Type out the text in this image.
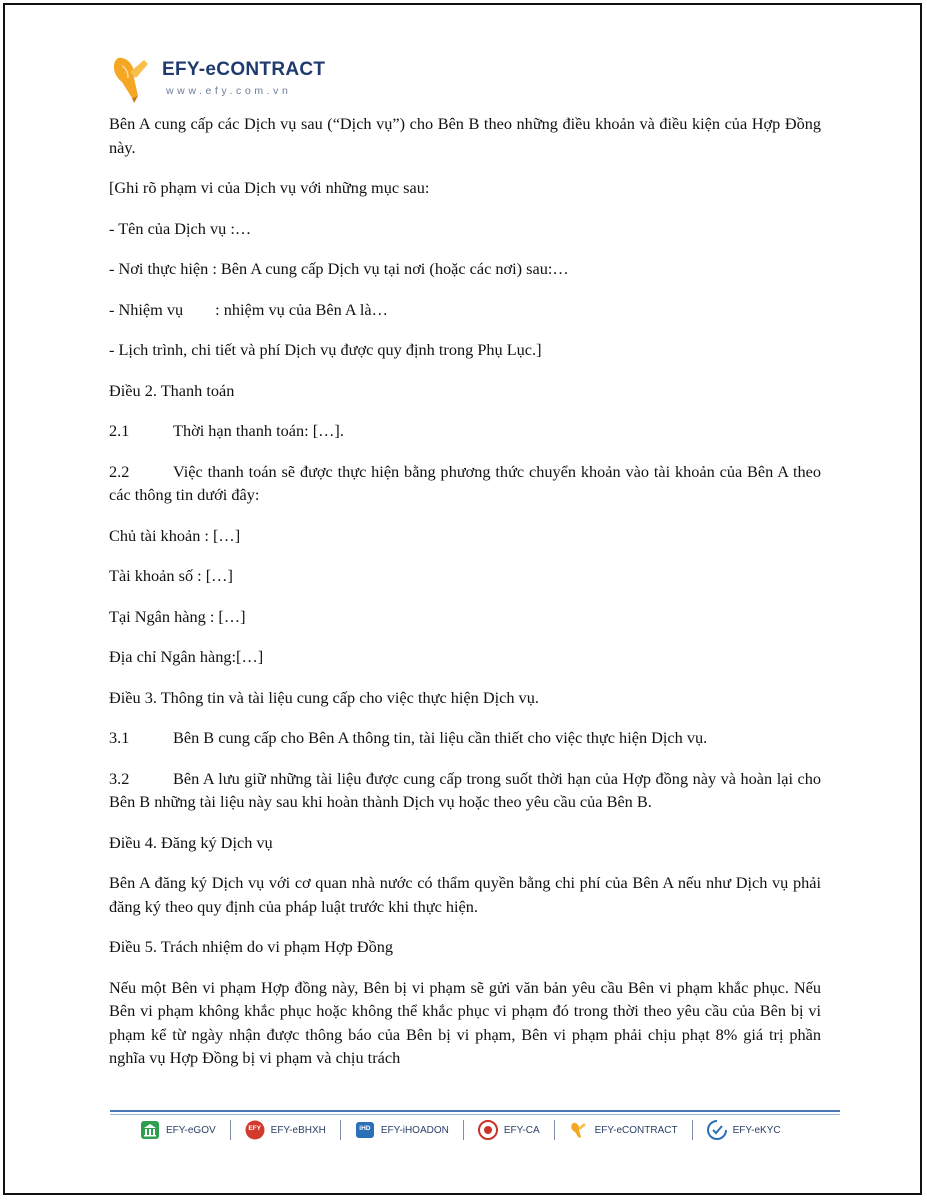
EFY-eCONTRACT
www.efy.com.vn

Bên A cung cấp các Dịch vụ sau (“Dịch vụ”) cho Bên B theo những điều khoản và điều kiện của Hợp Đồng này.

[Ghi rõ phạm vi của Dịch vụ với những mục sau:

- Tên của Dịch vụ :…

- Nơi thực hiện : Bên A cung cấp Dịch vụ tại nơi (hoặc các nơi) sau:…

- Nhiệm vụ : nhiệm vụ của Bên A là…

- Lịch trình, chi tiết và phí Dịch vụ được quy định trong Phụ Lục.]

Điều 2. Thanh toán

2.1	Thời hạn thanh toán: […].

2.2	Việc thanh toán sẽ được thực hiện bằng phương thức chuyển khoản vào tài khoản của Bên A theo các thông tin dưới đây:

Chủ tài khoản : […]

Tài khoản số : […]

Tại Ngân hàng : […]

Địa chỉ Ngân hàng:[…]

Điều 3. Thông tin và tài liệu cung cấp cho việc thực hiện Dịch vụ.

3.1	Bên B cung cấp cho Bên A thông tin, tài liệu cần thiết cho việc thực hiện Dịch vụ.

3.2	Bên A lưu giữ những tài liệu được cung cấp trong suốt thời hạn của Hợp đồng này và hoàn lại cho Bên B những tài liệu này sau khi hoàn thành Dịch vụ hoặc theo yêu cầu của Bên B.

Điều 4. Đăng ký Dịch vụ

Bên A đăng ký Dịch vụ với cơ quan nhà nước có thẩm quyền bằng chi phí của Bên A nếu như Dịch vụ phải đăng ký theo quy định của pháp luật trước khi thực hiện.

Điều 5. Trách nhiệm do vi phạm Hợp Đồng

Nếu một Bên vi phạm Hợp đồng này, Bên bị vi phạm sẽ gửi văn bản yêu cầu Bên vi phạm khắc phục. Nếu Bên vi phạm không khắc phục hoặc không thể khắc phục vi phạm đó trong thời theo yêu cầu của Bên bị vi phạm kể từ ngày nhận được thông báo của Bên bị vi phạm, Bên vi phạm phải chịu phạt 8% giá trị phần nghĩa vụ Hợp Đồng bị vi phạm và chịu trách

EFY-eGOV	EFY EFY-eBHXH	iHD	EFY-iHOADON	EFY-CA	EFY-eCONTRACT	EFY-eKYC
